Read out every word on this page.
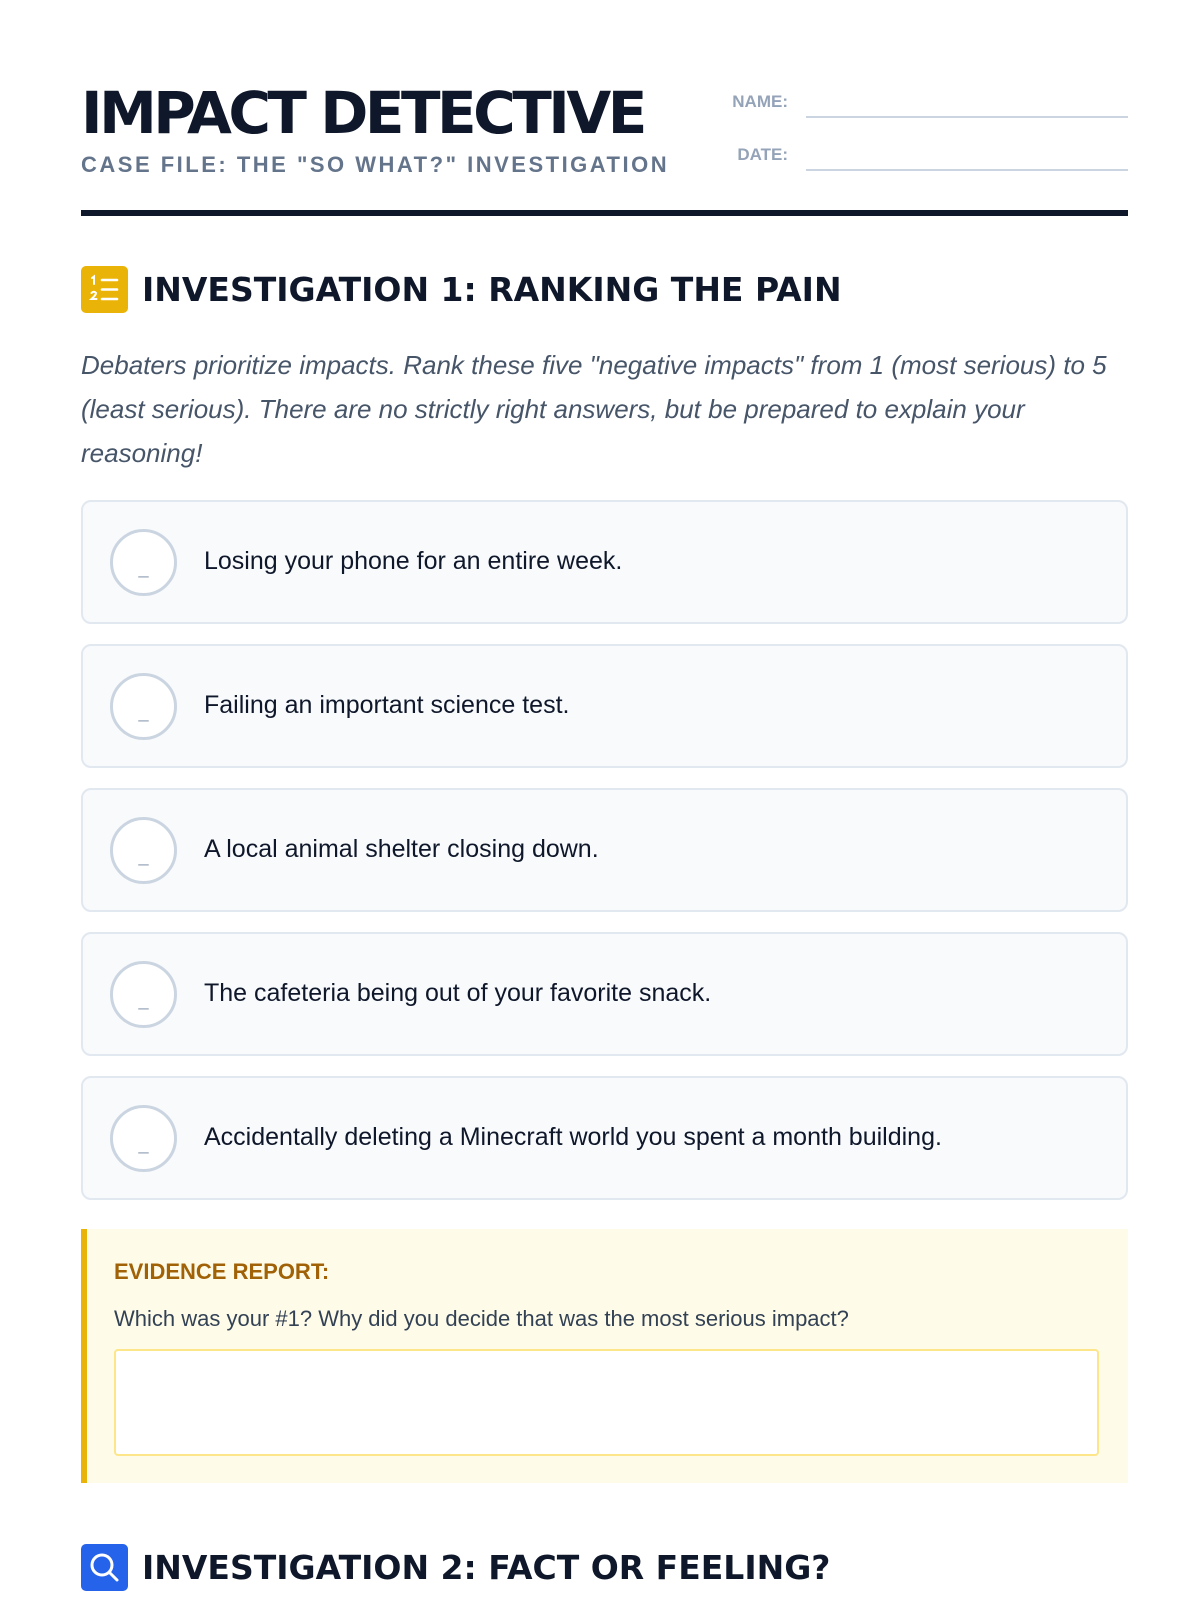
IMPACT DETECTIVE
CASE FILE: THE "SO WHAT?" INVESTIGATION
NAME:
DATE:
INVESTIGATION 1: RANKING THE PAIN

Debaters prioritize impacts. Rank these five "negative impacts" from 1 (most serious) to 5 (least serious). There are no strictly right answers, but be prepared to explain your reasoning!

_	Losing your phone for an entire week.
_	Failing an important science test.
_	A local animal shelter closing down.
_	The cafeteria being out of your favorite snack.
_	Accidentally deleting a Minecraft world you spent a month building.
EVIDENCE REPORT:
Which was your #1? Why did you decide that was the most serious impact?
INVESTIGATION 2: FACT OR FEELING?
